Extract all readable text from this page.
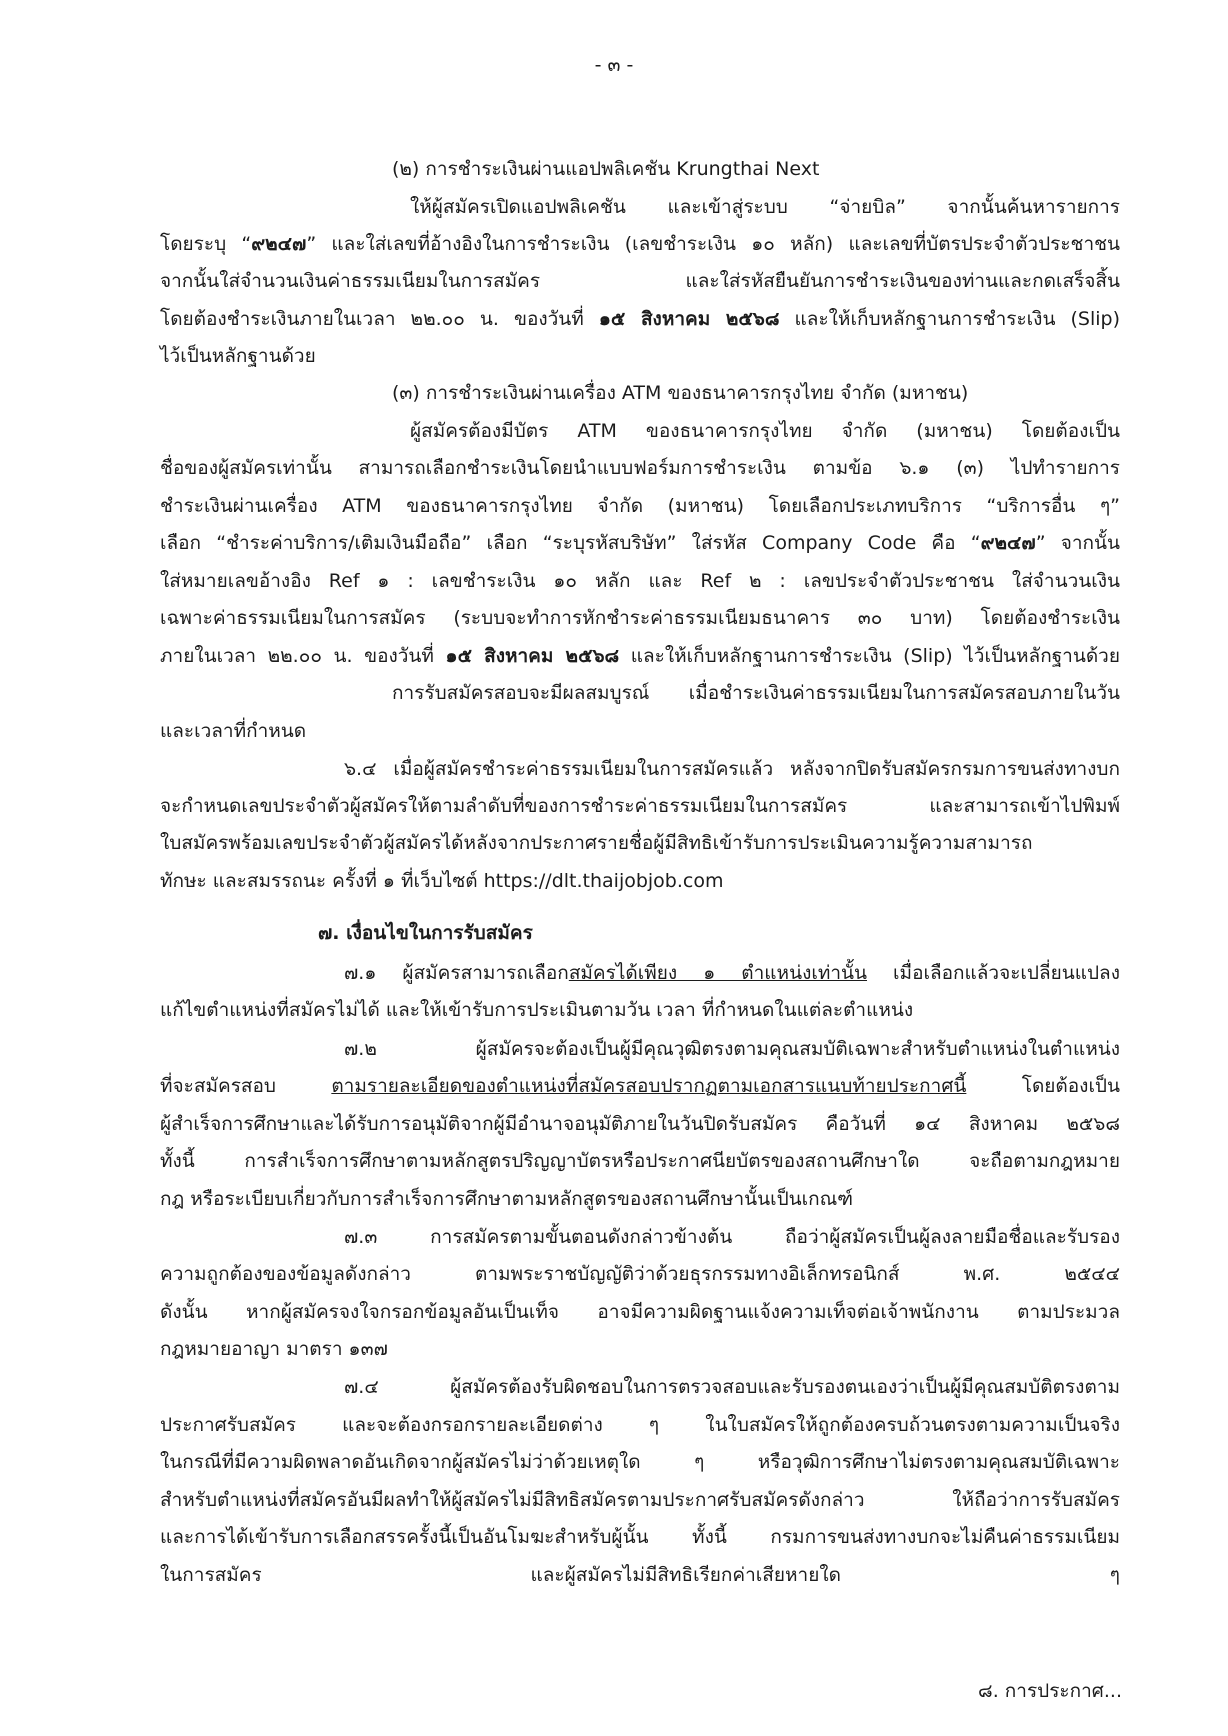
- ๓ -
(๒) การชำระเงินผ่านแอปพลิเคชัน Krungthai Next
ให้ผู้สมัครเปิดแอปพลิเคชัน และเข้าสู่ระบบ “จ่ายบิล” จากนั้นค้นหารายการ
โดยระบุ “๙๒๔๗” และใส่เลขที่อ้างอิงในการชำระเงิน (เลขชำระเงิน ๑๐ หลัก) และเลขที่บัตรประจำตัวประชาชน
จากนั้นใส่จำนวนเงินค่าธรรมเนียมในการสมัคร และใส่รหัสยืนยันการชำระเงินของท่านและกดเสร็จสิ้น
โดยต้องชำระเงินภายในเวลา ๒๒.๐๐ น. ของวันที่ ๑๕ สิงหาคม ๒๕๖๘ และให้เก็บหลักฐานการชำระเงิน (Slip)
ไว้เป็นหลักฐานด้วย
(๓) การชำระเงินผ่านเครื่อง ATM ของธนาคารกรุงไทย จำกัด (มหาชน)
ผู้สมัครต้องมีบัตร ATM ของธนาคารกรุงไทย จำกัด (มหาชน) โดยต้องเป็น
ชื่อของผู้สมัครเท่านั้น สามารถเลือกชำระเงินโดยนำแบบฟอร์มการชำระเงิน ตามข้อ ๖.๑ (๓) ไปทำรายการ
ชำระเงินผ่านเครื่อง ATM ของธนาคารกรุงไทย จำกัด (มหาชน) โดยเลือกประเภทบริการ “บริการอื่น ๆ”
เลือก “ชำระค่าบริการ/เติมเงินมือถือ” เลือก “ระบุรหัสบริษัท” ใส่รหัส Company Code คือ “๙๒๔๗” จากนั้น
ใส่หมายเลขอ้างอิง Ref ๑ : เลขชำระเงิน ๑๐ หลัก และ Ref ๒ : เลขประจำตัวประชาชน ใส่จำนวนเงิน
เฉพาะค่าธรรมเนียมในการสมัคร (ระบบจะทำการหักชำระค่าธรรมเนียมธนาคาร ๓๐ บาท) โดยต้องชำระเงิน
ภายในเวลา ๒๒.๐๐ น. ของวันที่ ๑๕ สิงหาคม ๒๕๖๘ และให้เก็บหลักฐานการชำระเงิน (Slip) ไว้เป็นหลักฐานด้วย
การรับสมัครสอบจะมีผลสมบูรณ์ เมื่อชำระเงินค่าธรรมเนียมในการสมัครสอบภายในวัน
และเวลาที่กำหนด
๖.๔ เมื่อผู้สมัครชำระค่าธรรมเนียมในการสมัครแล้ว หลังจากปิดรับสมัครกรมการขนส่งทางบก
จะกำหนดเลขประจำตัวผู้สมัครให้ตามลำดับที่ของการชำระค่าธรรมเนียมในการสมัคร และสามารถเข้าไปพิมพ์
ใบสมัครพร้อมเลขประจำตัวผู้สมัครได้หลังจากประกาศรายชื่อผู้มีสิทธิเข้ารับการประเมินความรู้ความสามารถ
ทักษะ และสมรรถนะ ครั้งที่ ๑ ที่เว็บไซต์ https://dlt.thaijobjob.com
๗. เงื่อนไขในการรับสมัคร
๗.๑ ผู้สมัครสามารถเลือกสมัครได้เพียง ๑ ตำแหน่งเท่านั้น เมื่อเลือกแล้วจะเปลี่ยนแปลง
แก้ไขตำแหน่งที่สมัครไม่ได้ และให้เข้ารับการประเมินตามวัน เวลา ที่กำหนดในแต่ละตำแหน่ง
๗.๒ ผู้สมัครจะต้องเป็นผู้มีคุณวุฒิตรงตามคุณสมบัติเฉพาะสำหรับตำแหน่งในตำแหน่ง
ที่จะสมัครสอบ ตามรายละเอียดของตำแหน่งที่สมัครสอบปรากฏตามเอกสารแนบท้ายประกาศนี้ โดยต้องเป็น
ผู้สำเร็จการศึกษาและได้รับการอนุมัติจากผู้มีอำนาจอนุมัติภายในวันปิดรับสมัคร คือวันที่ ๑๔ สิงหาคม ๒๕๖๘
ทั้งนี้ การสำเร็จการศึกษาตามหลักสูตรปริญญาบัตรหรือประกาศนียบัตรของสถานศึกษาใด จะถือตามกฎหมาย
กฎ หรือระเบียบเกี่ยวกับการสำเร็จการศึกษาตามหลักสูตรของสถานศึกษานั้นเป็นเกณฑ์
๗.๓ การสมัครตามขั้นตอนดังกล่าวข้างต้น ถือว่าผู้สมัครเป็นผู้ลงลายมือชื่อและรับรอง
ความถูกต้องของข้อมูลดังกล่าว ตามพระราชบัญญัติว่าด้วยธุรกรรมทางอิเล็กทรอนิกส์ พ.ศ. ๒๕๔๔
ดังนั้น หากผู้สมัครจงใจกรอกข้อมูลอันเป็นเท็จ อาจมีความผิดฐานแจ้งความเท็จต่อเจ้าพนักงาน ตามประมวล
กฎหมายอาญา มาตรา ๑๓๗
๗.๔ ผู้สมัครต้องรับผิดชอบในการตรวจสอบและรับรองตนเองว่าเป็นผู้มีคุณสมบัติตรงตาม
ประกาศรับสมัคร และจะต้องกรอกรายละเอียดต่าง ๆ ในใบสมัครให้ถูกต้องครบถ้วนตรงตามความเป็นจริง
ในกรณีที่มีความผิดพลาดอันเกิดจากผู้สมัครไม่ว่าด้วยเหตุใด ๆ หรือวุฒิการศึกษาไม่ตรงตามคุณสมบัติเฉพาะ
สำหรับตำแหน่งที่สมัครอันมีผลทำให้ผู้สมัครไม่มีสิทธิสมัครตามประกาศรับสมัครดังกล่าว ให้ถือว่าการรับสมัคร
และการได้เข้ารับการเลือกสรรครั้งนี้เป็นอันโมฆะสำหรับผู้นั้น ทั้งนี้ กรมการขนส่งทางบกจะไม่คืนค่าธรรมเนียม
ในการสมัคร และผู้สมัครไม่มีสิทธิเรียกค่าเสียหายใด ๆ
๘. การประกาศ...
